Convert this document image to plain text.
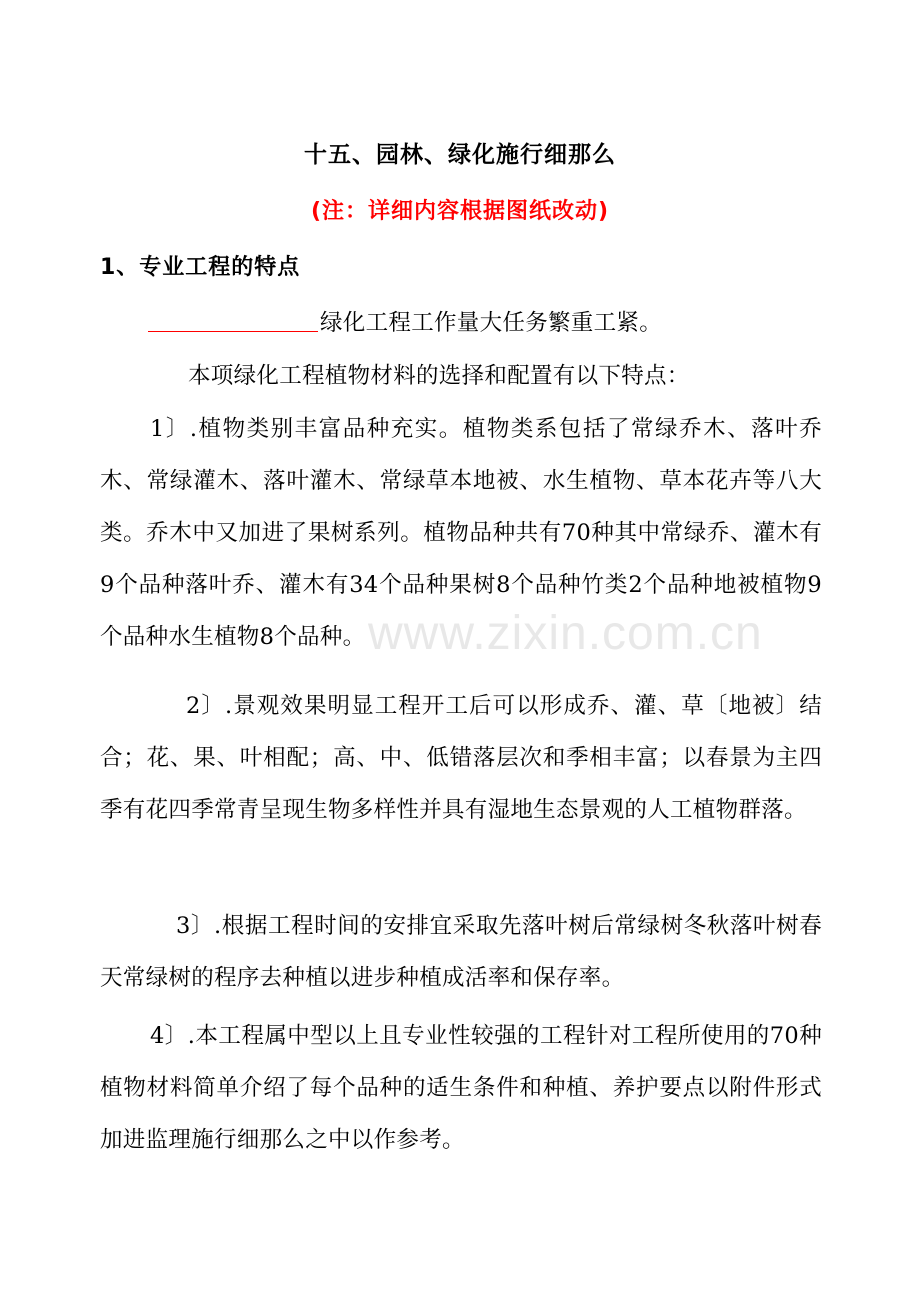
www.zixin.com.cn
十五、园林、绿化施行细那么
(注：详细内容根据图纸改动)
1、专业工程的特点
绿化工程工作量大任务繁重工紧。
本项绿化工程植物材料的选择和配置有以下特点：
1〕.植物类别丰富品种充实。植物类系包括了常绿乔木、落叶乔木、常绿灌木、落叶灌木、常绿草本地被、水生植物、草本花卉等八大类。乔木中又加进了果树系列。植物品种共有70种其中常绿乔、灌木有9个品种落叶乔、灌木有34个品种果树8个品种竹类2个品种地被植物9个品种水生植物8个品种。
2〕.景观效果明显工程开工后可以形成乔、灌、草〔地被〕结合；花、果、叶相配；高、中、低错落层次和季相丰富；以春景为主四季有花四季常青呈现生物多样性并具有湿地生态景观的人工植物群落。
3〕.根据工程时间的安排宜采取先落叶树后常绿树冬秋落叶树春天常绿树的程序去种植以进步种植成活率和保存率。
4〕.本工程属中型以上且专业性较强的工程针对工程所使用的70种植物材料简单介绍了每个品种的适生条件和种植、养护要点以附件形式加进监理施行细那么之中以作参考。
